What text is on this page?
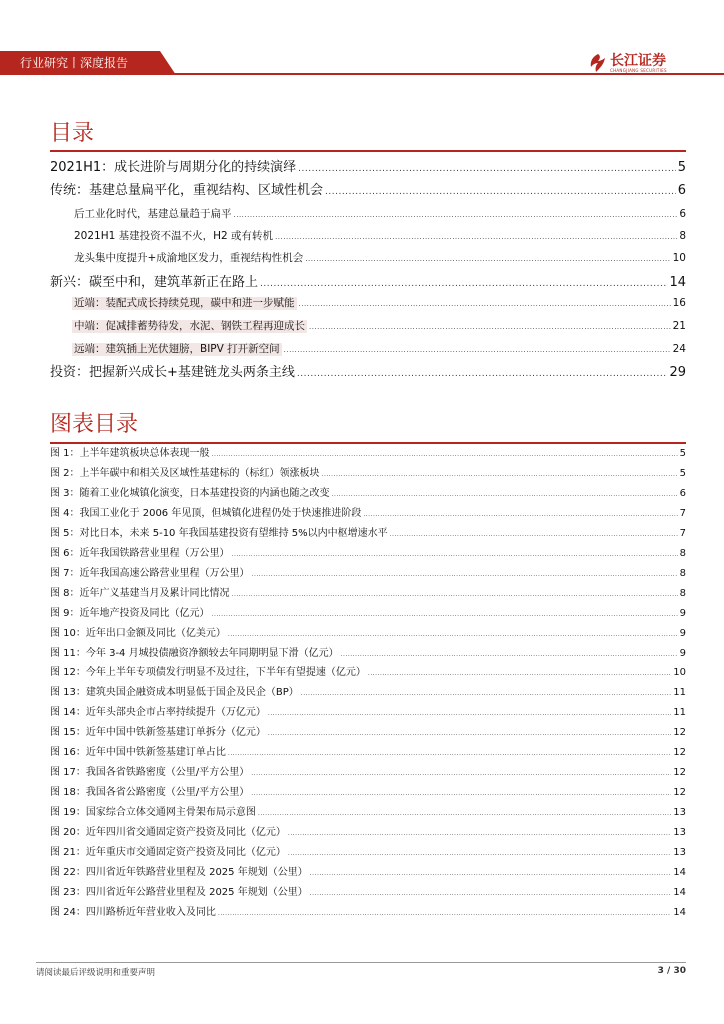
行业研究丨深度报告	长江证券
CHANGJIANG SECURITIES
目录
2021H1：成长进阶与周期分化的持续演绎 .....	5
传统：基建总量扁平化，重视结构、区域性机会 .....	6
后工业化时代，基建总量趋于扁平 .....	6
2021H1 基建投资不温不火，H2 或有转机 .....	8
龙头集中度提升+成渝地区发力，重视结构性机会 .....	10
新兴：碳至中和，建筑革新正在路上 .....	14
近端：装配式成长持续兑现，碳中和进一步赋能 .....	16
中端：促减排蓄势待发，水泥、钢铁工程再迎成长 .....	21
远端：建筑插上光伏翅膀，BIPV 打开新空间 .....	24
投资：把握新兴成长+基建链龙头两条主线 .....	29
图表目录
图 1：上半年建筑板块总体表现一般 .....	5
图 2：上半年碳中和相关及区域性基建标的（标红）领涨板块 .....	5
图 3：随着工业化城镇化演变，日本基建投资的内涵也随之改变 .....	6
图 4：我国工业化于 2006 年见顶，但城镇化进程仍处于快速推进阶段 .....	7
图 5：对比日本，未来 5-10 年我国基建投资有望维持 5%以内中枢增速水平 .....	7
图 6：近年我国铁路营业里程（万公里） .....	8
图 7：近年我国高速公路营业里程（万公里） .....	8
图 8：近年广义基建当月及累计同比情况 .....	8
图 9：近年地产投资及同比（亿元） .....	9
图 10：近年出口金额及同比（亿美元） .....	9
图 11：今年 3-4 月城投债融资净额较去年同期明显下滑（亿元） .....	9
图 12：今年上半年专项债发行明显不及过往，下半年有望提速（亿元） .....	10
图 13：建筑央国企融资成本明显低于国企及民企（BP） .....	11
图 14：近年头部央企市占率持续提升（万亿元） .....	11
图 15：近年中国中铁新签基建订单拆分（亿元） .....	12
图 16：近年中国中铁新签基建订单占比 .....	12
图 17：我国各省铁路密度（公里/平方公里） .....	12
图 18：我国各省公路密度（公里/平方公里） .....	12
图 19：国家综合立体交通网主骨架布局示意图 .....	13
图 20：近年四川省交通固定资产投资及同比（亿元） .....	13
图 21：近年重庆市交通固定资产投资及同比（亿元） .....	13
图 22：四川省近年铁路营业里程及 2025 年规划（公里） .....	14
图 23：四川省近年公路营业里程及 2025 年规划（公里） .....	14
图 24：四川路桥近年营业收入及同比 .....	14
请阅读最后评级说明和重要声明	3 / 30
